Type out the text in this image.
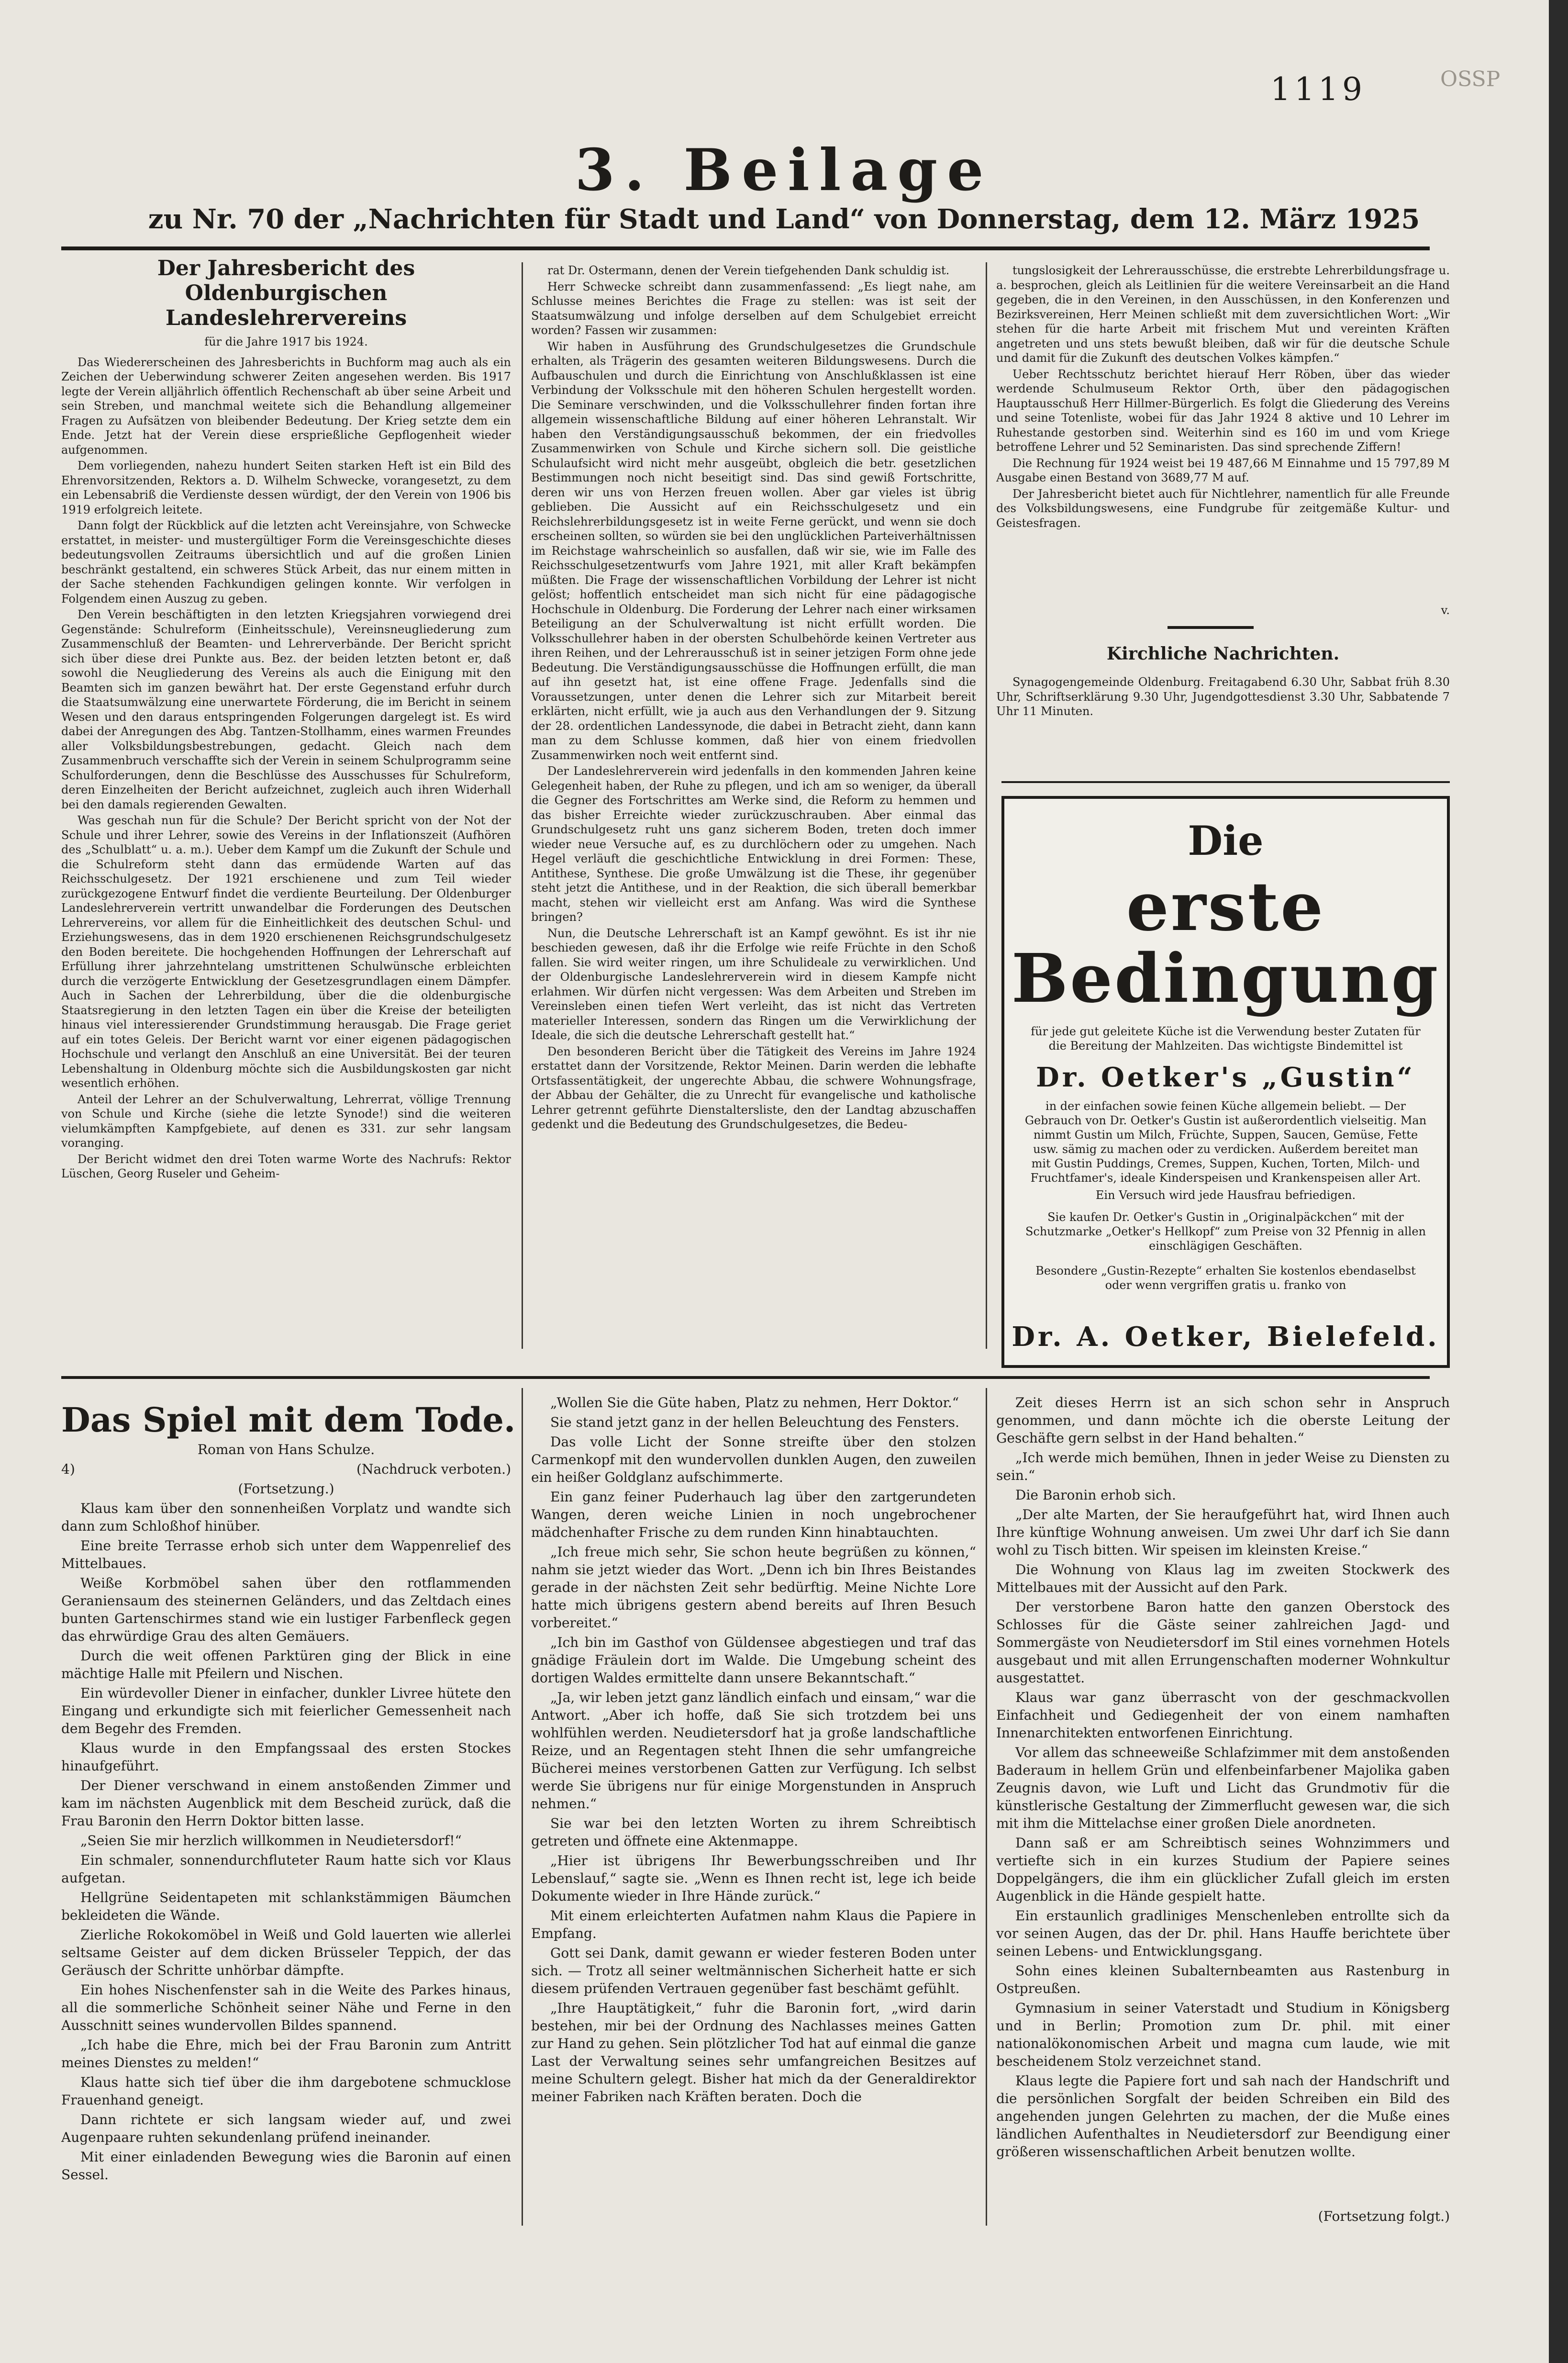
1119	OSSP
3. Beilage
zu Nr. 70 der „Nachrichten für Stadt und Land“ von Donnerstag, dem 12. März 1925
Der Jahresbericht des Oldenburgischen Landeslehrervereins
für die Jahre 1917 bis 1924.

Das Wiedererscheinen des Jahresberichts in Buchform mag auch als ein Zeichen der Ueberwindung schwerer Zeiten angesehen werden. Bis 1917 legte der Verein alljährlich öffentlich Rechenschaft ab über seine Arbeit und sein Streben, und manchmal weitete sich die Behandlung allgemeiner Fragen zu Aufsätzen von bleibender Bedeutung. Der Krieg setzte dem ein Ende. Jetzt hat der Verein diese ersprießliche Gepflogenheit wieder aufgenommen.

Dem vorliegenden, nahezu hundert Seiten starken Heft ist ein Bild des Ehrenvorsitzenden, Rektors a. D. Wilhelm Schwecke, vorangesetzt, zu dem ein Lebensabriß die Verdienste dessen würdigt, der den Verein von 1906 bis 1919 erfolgreich leitete.

Dann folgt der Rückblick auf die letzten acht Vereinsjahre, von Schwecke erstattet, in meister- und mustergültiger Form die Vereinsgeschichte dieses bedeutungsvollen Zeitraums übersichtlich und auf die großen Linien beschränkt gestaltend, ein schweres Stück Arbeit, das nur einem mitten in der Sache stehenden Fachkundigen gelingen konnte. Wir verfolgen in Folgendem einen Auszug zu geben.

Den Verein beschäftigten in den letzten Kriegsjahren vorwiegend drei Gegenstände: Schulreform (Einheitsschule), Vereinsneugliederung zum Zusammenschluß der Beamten- und Lehrerverbände. Der Bericht spricht sich über diese drei Punkte aus. Bez. der beiden letzten betont er, daß sowohl die Neugliederung des Vereins als auch die Einigung mit den Beamten sich im ganzen bewährt hat. Der erste Gegenstand erfuhr durch die Staatsumwälzung eine unerwartete Förderung, die im Bericht in seinem Wesen und den daraus entspringenden Folgerungen dargelegt ist. Es wird dabei der Anregungen des Abg. Tantzen-Stollhamm, eines warmen Freundes aller Volksbildungsbestrebungen, gedacht. Gleich nach dem Zusammenbruch verschaffte sich der Verein in seinem Schulprogramm seine Schulforderungen, denn die Beschlüsse des Ausschusses für Schulreform, deren Einzelheiten der Bericht aufzeichnet, zugleich auch ihren Widerhall bei den damals regierenden Gewalten.

Was geschah nun für die Schule? Der Bericht spricht von der Not der Schule und ihrer Lehrer, sowie des Vereins in der Inflationszeit (Aufhören des „Schulblatt“ u. a. m.). Ueber dem Kampf um die Zukunft der Schule und die Schulreform steht dann das ermüdende Warten auf das Reichsschulgesetz. Der 1921 erschienene und zum Teil wieder zurückgezogene Entwurf findet die verdiente Beurteilung. Der Oldenburger Landeslehrerverein vertritt unwandelbar die Forderungen des Deutschen Lehrervereins, vor allem für die Einheitlichkeit des deutschen Schul- und Erziehungswesens, das in dem 1920 erschienenen Reichsgrundschulgesetz den Boden bereitete. Die hochgehenden Hoffnungen der Lehrerschaft auf Erfüllung ihrer jahrzehntelang umstrittenen Schulwünsche erbleichten durch die verzögerte Entwicklung der Gesetzesgrundlagen einem Dämpfer. Auch in Sachen der Lehrerbildung, über die die oldenburgische Staatsregierung in den letzten Tagen ein über die Kreise der beteiligten hinaus viel interessierender Grundstimmung herausgab. Die Frage geriet auf ein totes Geleis. Der Bericht warnt vor einer eigenen pädagogischen Hochschule und verlangt den Anschluß an eine Universität. Bei der teuren Lebenshaltung in Oldenburg möchte sich die Ausbildungskosten gar nicht wesentlich erhöhen.

Anteil der Lehrer an der Schulverwaltung, Lehrerrat, völlige Trennung von Schule und Kirche (siehe die letzte Synode!) sind die weiteren vielumkämpften Kampfgebiete, auf denen es 331. zur sehr langsam voranging.

Der Bericht widmet den drei Toten warme Worte des Nachrufs: Rektor Lüschen, Georg Ruseler und Geheim-

rat Dr. Ostermann, denen der Verein tiefgehenden Dank schuldig ist.

Herr Schwecke schreibt dann zusammenfassend: „Es liegt nahe, am Schlusse meines Berichtes die Frage zu stellen: was ist seit der Staatsumwälzung und infolge derselben auf dem Schulgebiet erreicht worden? Fassen wir zusammen:

Wir haben in Ausführung des Grundschulgesetzes die Grundschule erhalten, als Trägerin des gesamten weiteren Bildungswesens. Durch die Aufbauschulen und durch die Einrichtung von Anschlußklassen ist eine Verbindung der Volksschule mit den höheren Schulen hergestellt worden. Die Seminare verschwinden, und die Volksschullehrer finden fortan ihre allgemein wissenschaftliche Bildung auf einer höheren Lehranstalt. Wir haben den Verständigungsausschuß bekommen, der ein friedvolles Zusammenwirken von Schule und Kirche sichern soll. Die geistliche Schulaufsicht wird nicht mehr ausgeübt, obgleich die betr. gesetzlichen Bestimmungen noch nicht beseitigt sind. Das sind gewiß Fortschritte, deren wir uns von Herzen freuen wollen. Aber gar vieles ist übrig geblieben. Die Aussicht auf ein Reichsschulgesetz und ein Reichslehrerbildungsgesetz ist in weite Ferne gerückt, und wenn sie doch erscheinen sollten, so würden sie bei den unglücklichen Parteiverhältnissen im Reichstage wahrscheinlich so ausfallen, daß wir sie, wie im Falle des Reichsschulgesetzentwurfs vom Jahre 1921, mit aller Kraft bekämpfen müßten. Die Frage der wissenschaftlichen Vorbildung der Lehrer ist nicht gelöst; hoffentlich entscheidet man sich nicht für eine pädagogische Hochschule in Oldenburg. Die Forderung der Lehrer nach einer wirksamen Beteiligung an der Schulverwaltung ist nicht erfüllt worden. Die Volksschullehrer haben in der obersten Schulbehörde keinen Vertreter aus ihren Reihen, und der Lehrerausschuß ist in seiner jetzigen Form ohne jede Bedeutung. Die Verständigungsausschüsse die Hoffnungen erfüllt, die man auf ihn gesetzt hat, ist eine offene Frage. Jedenfalls sind die Voraussetzungen, unter denen die Lehrer sich zur Mitarbeit bereit erklärten, nicht erfüllt, wie ja auch aus den Verhandlungen der 9. Sitzung der 28. ordentlichen Landessynode, die dabei in Betracht zieht, dann kann man zu dem Schlusse kommen, daß hier von einem friedvollen Zusammenwirken noch weit entfernt sind.

Der Landeslehrerverein wird jedenfalls in den kommenden Jahren keine Gelegenheit haben, der Ruhe zu pflegen, und ich am so weniger, da überall die Gegner des Fortschrittes am Werke sind, die Reform zu hemmen und das bisher Erreichte wieder zurückzuschrauben. Aber einmal das Grundschulgesetz ruht uns ganz sicherem Boden, treten doch immer wieder neue Versuche auf, es zu durchlöchern oder zu umgehen. Nach Hegel verläuft die geschichtliche Entwicklung in drei Formen: These, Antithese, Synthese. Die große Umwälzung ist die These, ihr gegenüber steht jetzt die Antithese, und in der Reaktion, die sich überall bemerkbar macht, stehen wir vielleicht erst am Anfang. Was wird die Synthese bringen?

Nun, die Deutsche Lehrerschaft ist an Kampf gewöhnt. Es ist ihr nie beschieden gewesen, daß ihr die Erfolge wie reife Früchte in den Schoß fallen. Sie wird weiter ringen, um ihre Schulideale zu verwirklichen. Und der Oldenburgische Landeslehrerverein wird in diesem Kampfe nicht erlahmen. Wir dürfen nicht vergessen: Was dem Arbeiten und Streben im Vereinsleben einen tiefen Wert verleiht, das ist nicht das Vertreten materieller Interessen, sondern das Ringen um die Verwirklichung der Ideale, die sich die deutsche Lehrerschaft gestellt hat.“

Den besonderen Bericht über die Tätigkeit des Vereins im Jahre 1924 erstattet dann der Vorsitzende, Rektor Meinen. Darin werden die lebhafte Ortsfassentätigkeit, der ungerechte Abbau, die schwere Wohnungsfrage, der Abbau der Gehälter, die zu Unrecht für evangelische und katholische Lehrer getrennt geführte Dienstaltersliste, den der Landtag abzuschaffen gedenkt und die Bedeutung des Grundschulgesetzes, die Bedeu-

tungslosigkeit der Lehrerausschüsse, die erstrebte Lehrerbildungsfrage u. a. besprochen, gleich als Leitlinien für die weitere Vereinsarbeit an die Hand gegeben, die in den Vereinen, in den Ausschüssen, in den Konferenzen und Bezirksvereinen, Herr Meinen schließt mit dem zuversichtlichen Wort: „Wir stehen für die harte Arbeit mit frischem Mut und vereinten Kräften angetreten und uns stets bewußt bleiben, daß wir für die deutsche Schule und damit für die Zukunft des deutschen Volkes kämpfen.“

Ueber Rechtsschutz berichtet hierauf Herr Röben, über das wieder werdende Schulmuseum Rektor Orth, über den pädagogischen Hauptausschuß Herr Hillmer-Bürgerlich. Es folgt die Gliederung des Vereins und seine Totenliste, wobei für das Jahr 1924 8 aktive und 10 Lehrer im Ruhestande gestorben sind. Weiterhin sind es 160 im und vom Kriege betroffene Lehrer und 52 Seminaristen. Das sind sprechende Ziffern!

Die Rechnung für 1924 weist bei 19 487,66 M Einnahme und 15 797,89 M Ausgabe einen Bestand von 3689,77 M auf.

Der Jahresbericht bietet auch für Nichtlehrer, namentlich für alle Freunde des Volksbildungswesens, eine Fundgrube für zeitgemäße Kultur- und Geistesfragen.

v.
Kirchliche Nachrichten.

Synagogengemeinde Oldenburg. Freitagabend 6.30 Uhr, Sabbat früh 8.30 Uhr, Schriftserklärung 9.30 Uhr, Jugendgottesdienst 3.30 Uhr, Sabbatende 7 Uhr 11 Minuten.

Die
erste Bedingung
für jede gut geleitete Küche ist die Verwendung bester Zutaten für die Bereitung der Mahlzeiten. Das wichtigste Bindemittel ist
Dr. Oetker's „Gustin“
in der einfachen sowie feinen Küche allgemein beliebt. — Der Gebrauch von Dr. Oetker's Gustin ist außerordentlich vielseitig. Man nimmt Gustin um Milch, Früchte, Suppen, Saucen, Gemüse, Fette usw. sämig zu machen oder zu verdicken. Außerdem bereitet man mit Gustin Puddings, Cremes, Suppen, Kuchen, Torten, Milch- und Fruchtfamer's, ideale Kinderspeisen und Krankenspeisen aller Art.
Ein Versuch wird jede Hausfrau befriedigen.
Sie kaufen Dr. Oetker's Gustin in „Originalpäckchen“ mit der Schutzmarke „Oetker's Hellkopf“ zum Preise von 32 Pfennig in allen einschlägigen Geschäften.
Besondere „Gustin-Rezepte“ erhalten Sie kostenlos ebendaselbst oder wenn vergriffen gratis u. franko von
Dr. A. Oetker, Bielefeld.
Das Spiel mit dem Tode.

Roman von Hans Schulze.

4)	(Nachdruck verboten.)

(Fortsetzung.)

Klaus kam über den sonnenheißen Vorplatz und wandte sich dann zum Schloßhof hinüber.

Eine breite Terrasse erhob sich unter dem Wappenrelief des Mittelbaues.

Weiße Korbmöbel sahen über den rotflammenden Geraniensaum des steinernen Geländers, und das Zeltdach eines bunten Gartenschirmes stand wie ein lustiger Farbenfleck gegen das ehrwürdige Grau des alten Gemäuers.

Durch die weit offenen Parktüren ging der Blick in eine mächtige Halle mit Pfeilern und Nischen.

Ein würdevoller Diener in einfacher, dunkler Livree hütete den Eingang und erkundigte sich mit feierlicher Gemessenheit nach dem Begehr des Fremden.

Klaus wurde in den Empfangssaal des ersten Stockes hinaufgeführt.

Der Diener verschwand in einem anstoßenden Zimmer und kam im nächsten Augenblick mit dem Bescheid zurück, daß die Frau Baronin den Herrn Doktor bitten lasse.

„Seien Sie mir herzlich willkommen in Neudietersdorf!“

Ein schmaler, sonnendurchfluteter Raum hatte sich vor Klaus aufgetan.

Hellgrüne Seidentapeten mit schlankstämmigen Bäumchen bekleideten die Wände.

Zierliche Rokokomöbel in Weiß und Gold lauerten wie allerlei seltsame Geister auf dem dicken Brüsseler Teppich, der das Geräusch der Schritte unhörbar dämpfte.

Ein hohes Nischenfenster sah in die Weite des Parkes hinaus, all die sommerliche Schönheit seiner Nähe und Ferne in den Ausschnitt seines wundervollen Bildes spannend.

„Ich habe die Ehre, mich bei der Frau Baronin zum Antritt meines Dienstes zu melden!“

Klaus hatte sich tief über die ihm dargebotene schmucklose Frauenhand geneigt.

Dann richtete er sich langsam wieder auf, und zwei Augenpaare ruhten sekundenlang prüfend ineinander.

Mit einer einladenden Bewegung wies die Baronin auf einen Sessel.

„Wollen Sie die Güte haben, Platz zu nehmen, Herr Doktor.“

Sie stand jetzt ganz in der hellen Beleuchtung des Fensters.

Das volle Licht der Sonne streifte über den stolzen Carmenkopf mit den wundervollen dunklen Augen, den zuweilen ein heißer Goldglanz aufschimmerte.

Ein ganz feiner Puderhauch lag über den zartgerundeten Wangen, deren weiche Linien in noch ungebrochener mädchenhafter Frische zu dem runden Kinn hinabtauchten.

„Ich freue mich sehr, Sie schon heute begrüßen zu können,“ nahm sie jetzt wieder das Wort. „Denn ich bin Ihres Beistandes gerade in der nächsten Zeit sehr bedürftig. Meine Nichte Lore hatte mich übrigens gestern abend bereits auf Ihren Besuch vorbereitet.“

„Ich bin im Gasthof von Güldensee abgestiegen und traf das gnädige Fräulein dort im Walde. Die Umgebung scheint des dortigen Waldes ermittelte dann unsere Bekanntschaft.“

„Ja, wir leben jetzt ganz ländlich einfach und einsam,“ war die Antwort. „Aber ich hoffe, daß Sie sich trotzdem bei uns wohlfühlen werden. Neudietersdorf hat ja große landschaftliche Reize, und an Regentagen steht Ihnen die sehr umfangreiche Bücherei meines verstorbenen Gatten zur Verfügung. Ich selbst werde Sie übrigens nur für einige Morgenstunden in Anspruch nehmen.“

Sie war bei den letzten Worten zu ihrem Schreibtisch getreten und öffnete eine Aktenmappe.

„Hier ist übrigens Ihr Bewerbungsschreiben und Ihr Lebenslauf,“ sagte sie. „Wenn es Ihnen recht ist, lege ich beide Dokumente wieder in Ihre Hände zurück.“

Mit einem erleichterten Aufatmen nahm Klaus die Papiere in Empfang.

Gott sei Dank, damit gewann er wieder festeren Boden unter sich. — Trotz all seiner weltmännischen Sicherheit hatte er sich diesem prüfenden Vertrauen gegenüber fast beschämt gefühlt.

„Ihre Hauptätigkeit,“ fuhr die Baronin fort, „wird darin bestehen, mir bei der Ordnung des Nachlasses meines Gatten zur Hand zu gehen. Sein plötzlicher Tod hat auf einmal die ganze Last der Verwaltung seines sehr umfangreichen Besitzes auf meine Schultern gelegt. Bisher hat mich da der Generaldirektor meiner Fabriken nach Kräften beraten. Doch die

Zeit dieses Herrn ist an sich schon sehr in Anspruch genommen, und dann möchte ich die oberste Leitung der Geschäfte gern selbst in der Hand behalten.“

„Ich werde mich bemühen, Ihnen in jeder Weise zu Diensten zu sein.“

Die Baronin erhob sich.

„Der alte Marten, der Sie heraufgeführt hat, wird Ihnen auch Ihre künftige Wohnung anweisen. Um zwei Uhr darf ich Sie dann wohl zu Tisch bitten. Wir speisen im kleinsten Kreise.“

Die Wohnung von Klaus lag im zweiten Stockwerk des Mittelbaues mit der Aussicht auf den Park.

Der verstorbene Baron hatte den ganzen Oberstock des Schlosses für die Gäste seiner zahlreichen Jagd- und Sommergäste von Neudietersdorf im Stil eines vornehmen Hotels ausgebaut und mit allen Errungenschaften moderner Wohnkultur ausgestattet.

Klaus war ganz überrascht von der geschmackvollen Einfachheit und Gediegenheit der von einem namhaften Innenarchitekten entworfenen Einrichtung.

Vor allem das schneeweiße Schlafzimmer mit dem anstoßenden Baderaum in hellem Grün und elfenbeinfarbener Majolika gaben Zeugnis davon, wie Luft und Licht das Grundmotiv für die künstlerische Gestaltung der Zimmerflucht gewesen war, die sich mit ihm die Mittelachse einer großen Diele anordneten.

Dann saß er am Schreibtisch seines Wohnzimmers und vertiefte sich in ein kurzes Studium der Papiere seines Doppelgängers, die ihm ein glücklicher Zufall gleich im ersten Augenblick in die Hände gespielt hatte.

Ein erstaunlich gradliniges Menschenleben entrollte sich da vor seinen Augen, das der Dr. phil. Hans Hauffe berichtete über seinen Lebens- und Entwicklungsgang.

Sohn eines kleinen Subalternbeamten aus Rastenburg in Ostpreußen.

Gymnasium in seiner Vaterstadt und Studium in Königsberg und in Berlin; Promotion zum Dr. phil. mit einer nationalökonomischen Arbeit und magna cum laude, wie mit bescheidenem Stolz verzeichnet stand.

Klaus legte die Papiere fort und sah nach der Handschrift und die persönlichen Sorgfalt der beiden Schreiben ein Bild des angehenden jungen Gelehrten zu machen, der die Muße eines ländlichen Aufenthaltes in Neudietersdorf zur Beendigung einer größeren wissenschaftlichen Arbeit benutzen wollte.

(Fortsetzung folgt.)
